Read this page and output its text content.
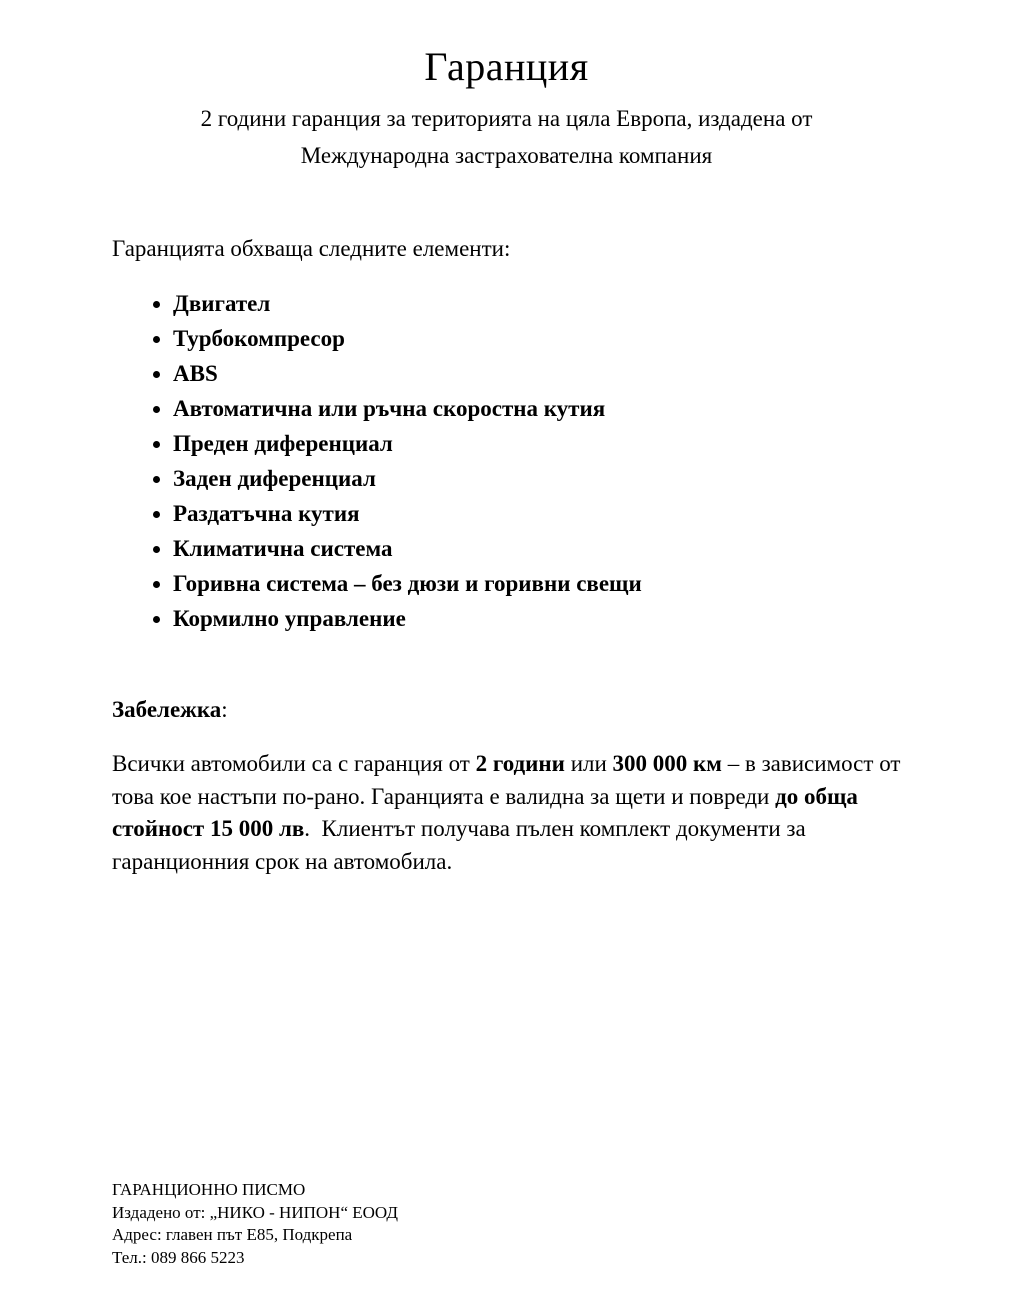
Гаранция
2 години гаранция за територията на цяла Европа, издадена от
Международна застрахователна компания

Гаранцията обхваща следните елементи:

• Двигател
• Турбокомпресор
• ABS
• Автоматична или ръчна скоростна кутия
• Преден диференциал
• Заден диференциал
• Раздатъчна кутия
• Климатична система
• Горивна система – без дюзи и горивни свещи
• Кормилно управление

Забележка:

Всички автомобили са с гаранция от 2 години или 300 000 км – в зависимост от това кое настъпи по-рано. Гаранцията е валидна за щети и повреди до обща стойност 15 000 лв.  Клиентът получава пълен комплект документи за гаранционния срок на автомобила.

ГАРАНЦИОННО ПИСМО
Издадено от: „НИКО - НИПОН“ ЕООД
Адрес: главен път Е85, Подкрепа
Тел.: 089 866 5223
